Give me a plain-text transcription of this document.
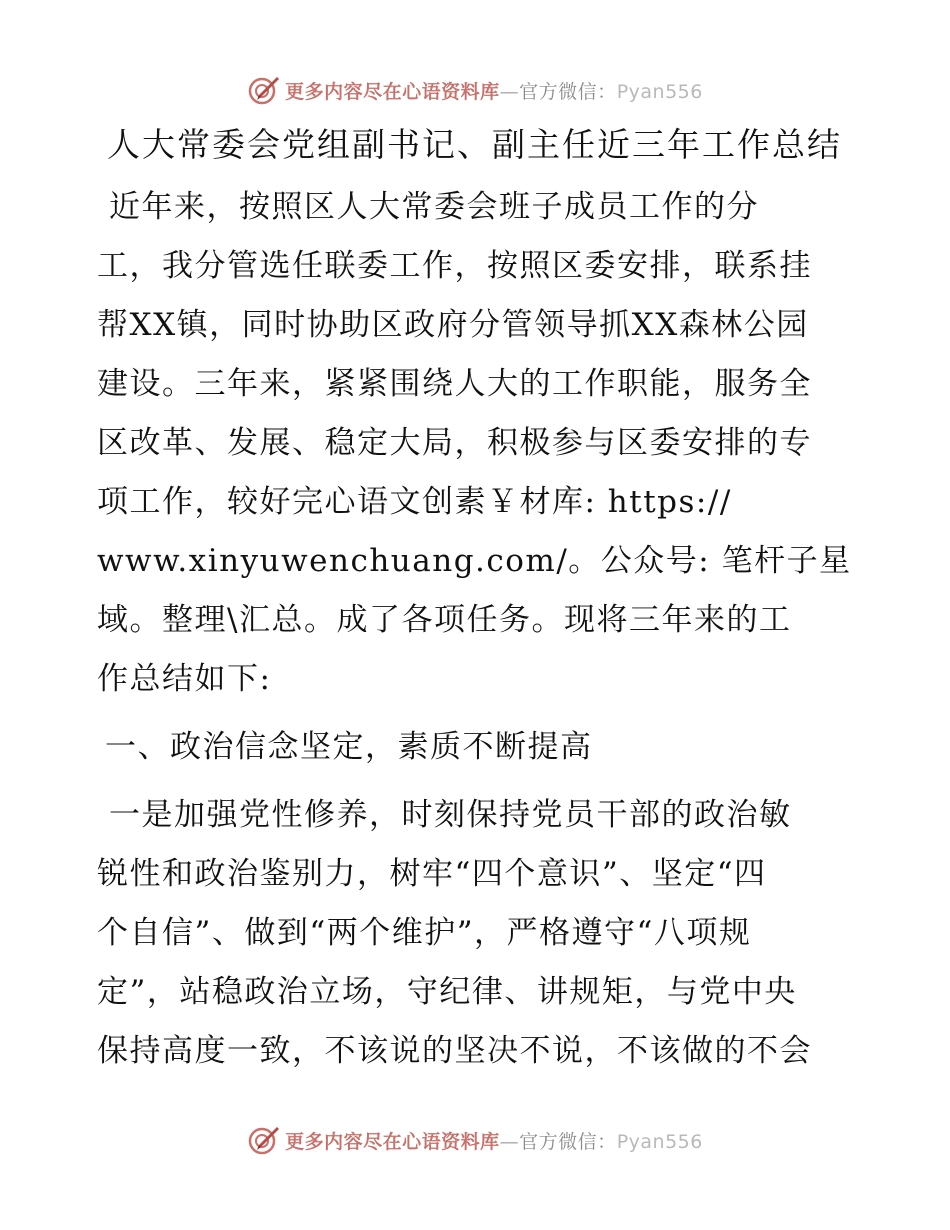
更多内容尽在心语资料库—官方微信：Pyan556
人大常委会党组副书记、副主任近三年工作总结
近年来，按照区人大常委会班子成员工作的分
工，我分管选任联委工作，按照区委安排，联系挂
帮XX镇，同时协助区政府分管领导抓XX森林公园
建设。三年来，紧紧围绕人大的工作职能，服务全
区改革、发展、稳定大局，积极参与区委安排的专
项工作，较好完心语文创素￥材库: https://
www.xinyuwenchuang.com/。公众号: 笔杆子星
域。整理\汇总。成了各项任务。现将三年来的工
作总结如下:
一、政治信念坚定，素质不断提高
一是加强党性修养，时刻保持党员干部的政治敏
锐性和政治鉴别力，树牢“四个意识”、坚定“四
个自信”、做到“两个维护”，严格遵守“八项规
定”，站稳政治立场，守纪律、讲规矩，与党中央
保持高度一致，不该说的坚决不说，不该做的不会
更多内容尽在心语资料库—官方微信：Pyan556
